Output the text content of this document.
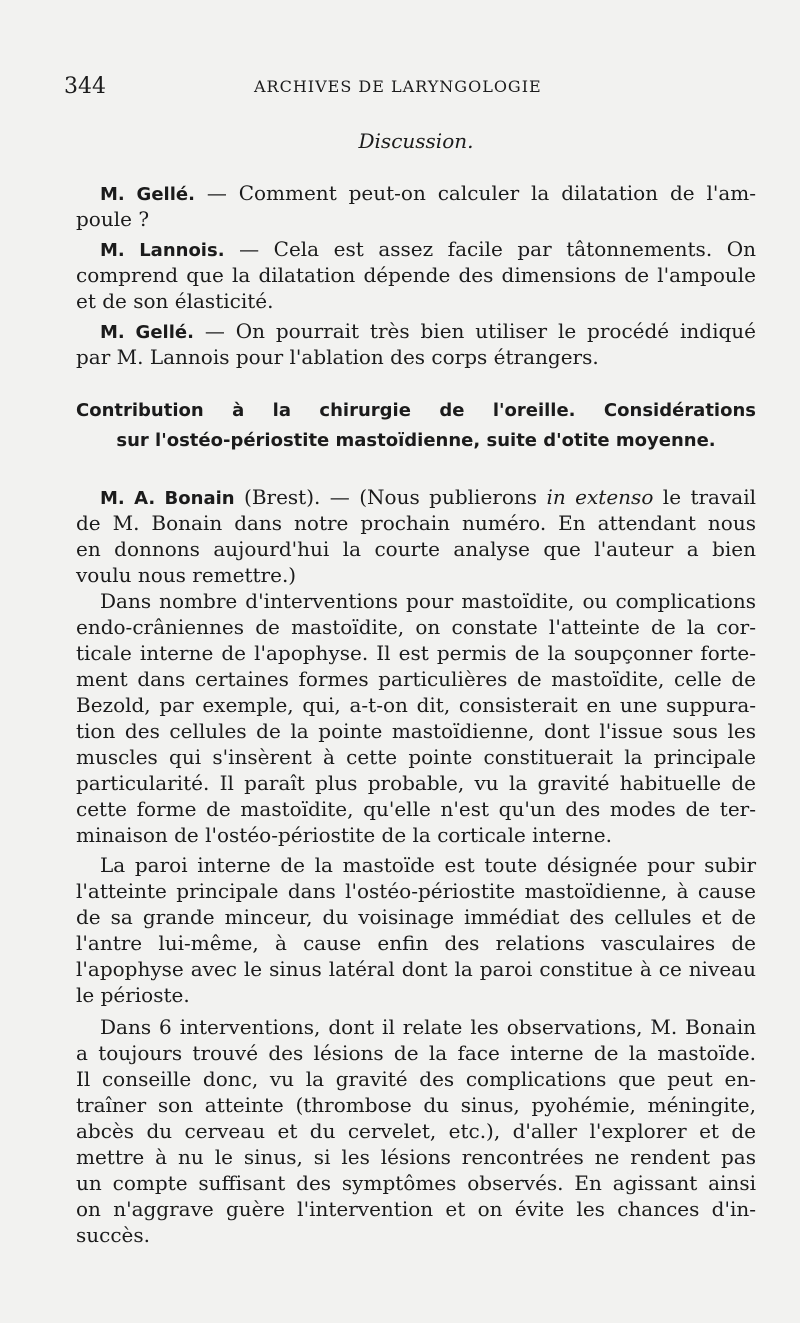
344	ARCHIVES DE LARYNGOLOGIE
Discussion.
M. Gellé. — Comment peut-on calculer la dilatation de l'am-
poule ?
M. Lannois. — Cela est assez facile par tâtonnements. On
comprend que la dilatation dépende des dimensions de l'ampoule
et de son élasticité.
M. Gellé. — On pourrait très bien utiliser le procédé indiqué
par M. Lannois pour l'ablation des corps étrangers.
Contribution à la chirurgie de l'oreille. Considérations
sur l'ostéo-périostite mastoïdienne, suite d'otite moyenne.
M. A. Bonain (Brest). — (Nous publierons in extenso le travail
de M. Bonain dans notre prochain numéro. En attendant nous
en donnons aujourd'hui la courte analyse que l'auteur a bien
voulu nous remettre.)
Dans nombre d'interventions pour mastoïdite, ou complications
endo-crâniennes de mastoïdite, on constate l'atteinte de la cor-
ticale interne de l'apophyse. Il est permis de la soupçonner forte-
ment dans certaines formes particulières de mastoïdite, celle de
Bezold, par exemple, qui, a-t-on dit, consisterait en une suppura-
tion des cellules de la pointe mastoïdienne, dont l'issue sous les
muscles qui s'insèrent à cette pointe constituerait la principale
particularité. Il paraît plus probable, vu la gravité habituelle de
cette forme de mastoïdite, qu'elle n'est qu'un des modes de ter-
minaison de l'ostéo-périostite de la corticale interne.
La paroi interne de la mastoïde est toute désignée pour subir
l'atteinte principale dans l'ostéo-périostite mastoïdienne, à cause
de sa grande minceur, du voisinage immédiat des cellules et de
l'antre lui-même, à cause enfin des relations vasculaires de
l'apophyse avec le sinus latéral dont la paroi constitue à ce niveau
le périoste.
Dans 6 interventions, dont il relate les observations, M. Bonain
a toujours trouvé des lésions de la face interne de la mastoïde.
Il conseille donc, vu la gravité des complications que peut en-
traîner son atteinte (thrombose du sinus, pyohémie, méningite,
abcès du cerveau et du cervelet, etc.), d'aller l'explorer et de
mettre à nu le sinus, si les lésions rencontrées ne rendent pas
un compte suffisant des symptômes observés. En agissant ainsi
on n'aggrave guère l'intervention et on évite les chances d'in-
succès.
